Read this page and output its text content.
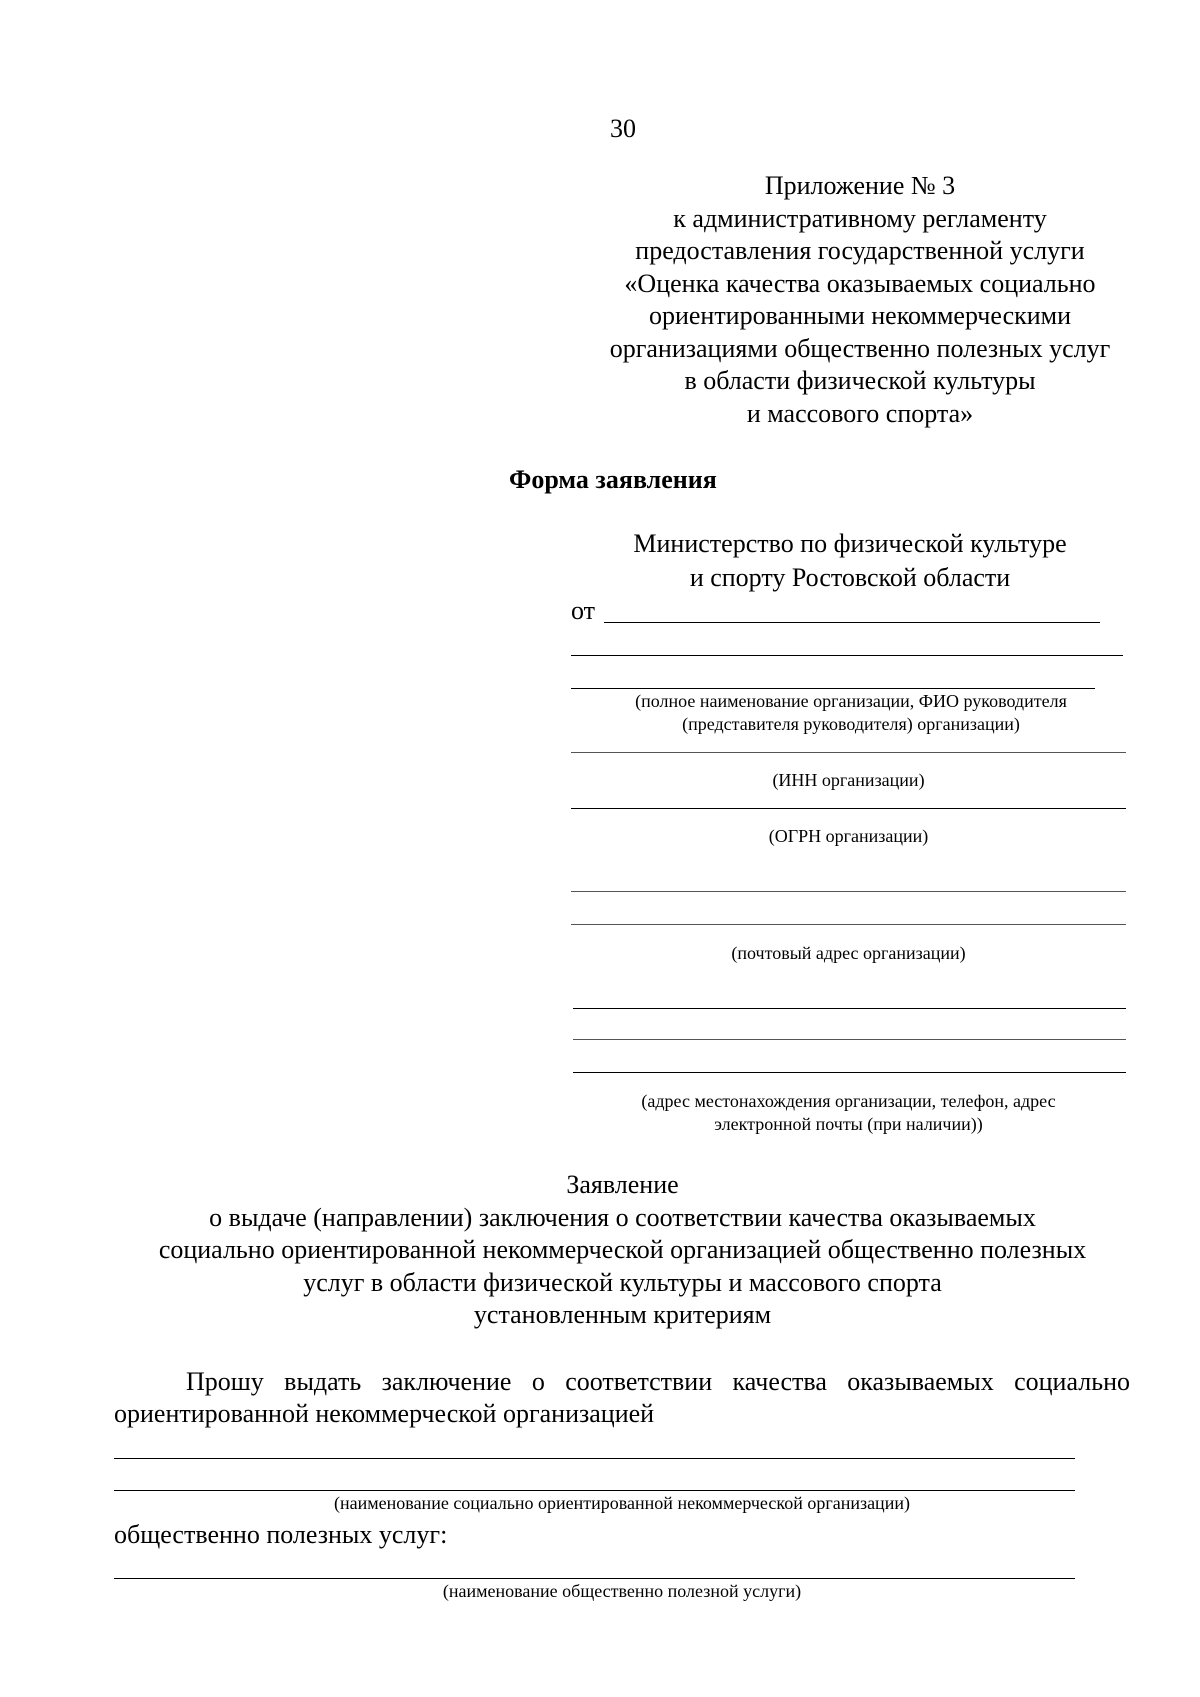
30
Приложение № 3
к административному регламенту
предоставления государственной услуги
«Оценка качества оказываемых социально
ориентированными некоммерческими
организациями общественно полезных услуг
в области физической культуры
и массового спорта»
Форма заявления
Министерство по физической культуре
и спорту Ростовской области
от
(полное наименование организации, ФИО руководителя
(представителя руководителя) организации)
(ИНН организации)
(ОГРН организации)
(почтовый адрес организации)
(адрес местонахождения организации, телефон, адрес
электронной почты (при наличии))
Заявление
о выдаче (направлении) заключения о соответствии качества оказываемых
социально ориентированной некоммерческой организацией общественно полезных
услуг в области физической культуры и массового спорта
установленным критериям
Прошу выдать заключение о соответствии качества оказываемых социально
ориентированной некоммерческой организацией
(наименование социально ориентированной некоммерческой организации)
общественно полезных услуг:
(наименование общественно полезной услуги)
